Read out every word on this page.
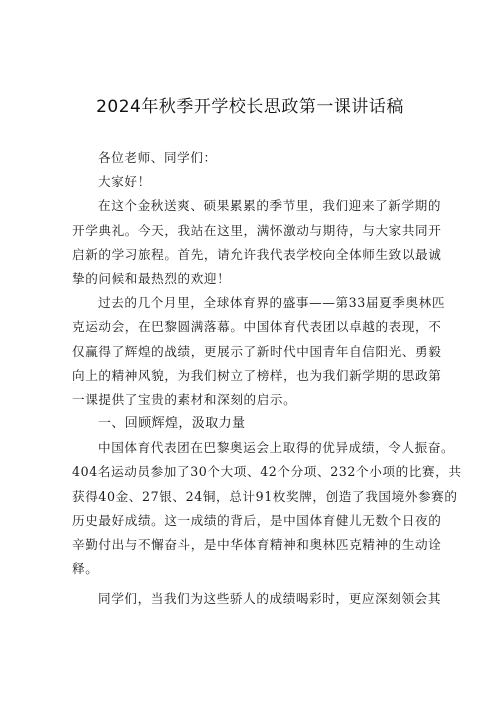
2024年秋季开学校长思政第一课讲话稿
各位老师、同学们：
大家好！
在这个金秋送爽、硕果累累的季节里，我们迎来了新学期的
开学典礼。今天，我站在这里，满怀激动与期待，与大家共同开
启新的学习旅程。首先，请允许我代表学校向全体师生致以最诚
挚的问候和最热烈的欢迎！
过去的几个月里，全球体育界的盛事——第33届夏季奥林匹
克运动会，在巴黎圆满落幕。中国体育代表团以卓越的表现，不
仅赢得了辉煌的战绩，更展示了新时代中国青年自信阳光、勇毅
向上的精神风貌，为我们树立了榜样，也为我们新学期的思政第
一课提供了宝贵的素材和深刻的启示。
一、回顾辉煌，汲取力量
中国体育代表团在巴黎奥运会上取得的优异成绩，令人振奋。
404名运动员参加了30个大项、42个分项、232个小项的比赛，共
获得40金、27银、24铜，总计91枚奖牌，创造了我国境外参赛的
历史最好成绩。这一成绩的背后，是中国体育健儿无数个日夜的
辛勤付出与不懈奋斗，是中华体育精神和奥林匹克精神的生动诠
释。
同学们，当我们为这些骄人的成绩喝彩时，更应深刻领会其
